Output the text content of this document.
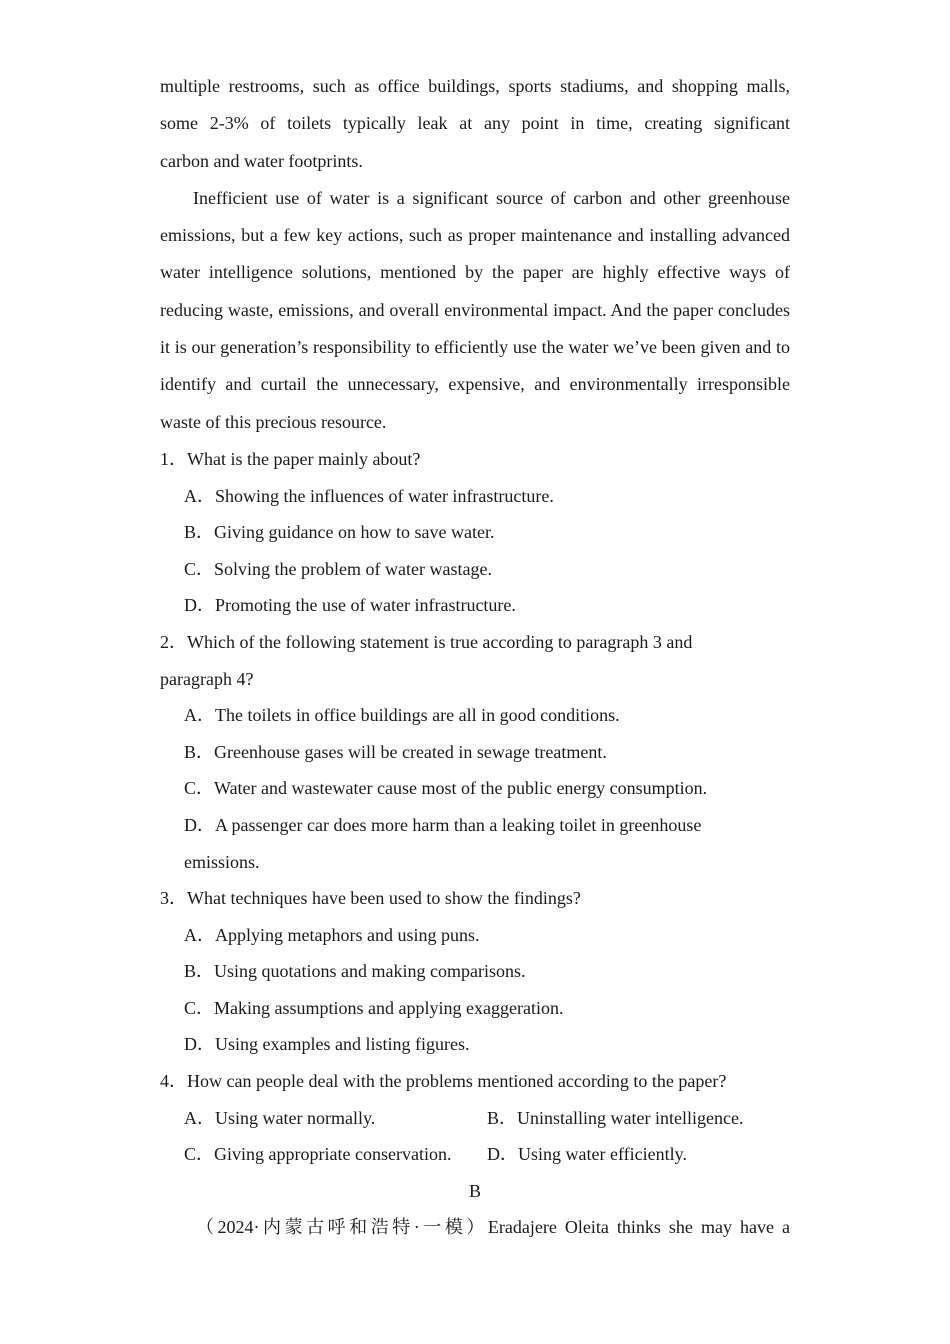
multiple restrooms, such as office buildings, sports stadiums, and shopping malls,

some 2-3% of toilets typically leak at any point in time, creating significant

carbon and water footprints.

Inefficient use of water is a significant source of carbon and other greenhouse emissions, but a few key actions, such as proper maintenance and installing advanced water intelligence solutions, mentioned by the paper are highly effective ways of reducing waste, emissions, and overall environmental impact. And the paper concludes it is our generation’s responsibility to efficiently use the water we’ve been given and to identify and curtail the unnecessary, expensive, and environmentally irresponsible waste of this precious resource.

1．What is the paper mainly about?

A．Showing the influences of water infrastructure.

B．Giving guidance on how to save water.

C．Solving the problem of water wastage.

D．Promoting the use of water infrastructure.

2．Which of the following statement is true according to paragraph 3 and

paragraph 4?

A．The toilets in office buildings are all in good conditions.

B．Greenhouse gases will be created in sewage treatment.

C．Water and wastewater cause most of the public energy consumption.

D．A passenger car does more harm than a leaking toilet in greenhouse

emissions.

3．What techniques have been used to show the findings?

A．Applying metaphors and using puns.

B．Using quotations and making comparisons.

C．Making assumptions and applying exaggeration.

D．Using examples and listing figures.

4．How can people deal with the problems mentioned according to the paper?

A．Using water normally.	B．Uninstalling water intelligence.
C．Giving appropriate conservation.	D．Using water efficiently.

B

（2024·内蒙古呼和浩特·一模）Eradajere Oleita thinks she may have a
